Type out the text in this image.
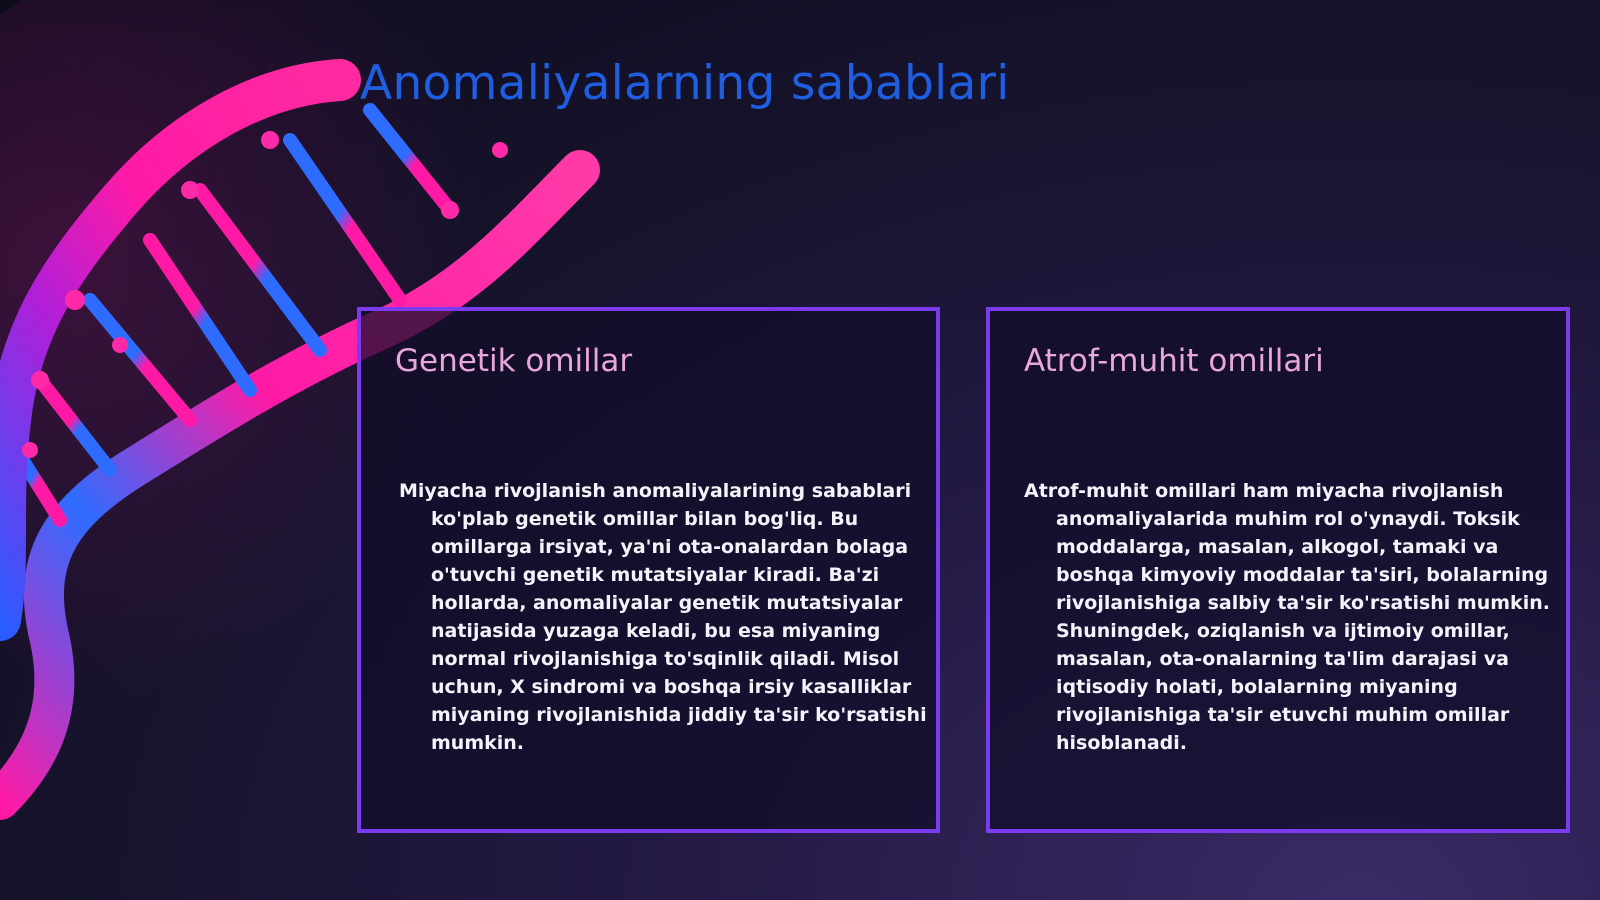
Anomaliyalarning sabablari
Genetik omillar

Miyacha rivojlanish anomaliyalarining sabablari ko'plab genetik omillar bilan bog'liq. Bu omillarga irsiyat, ya'ni ota-onalardan bolaga o'tuvchi genetik mutatsiyalar kiradi. Ba'zi hollarda, anomaliyalar genetik mutatsiyalar natijasida yuzaga keladi, bu esa miyaning normal rivojlanishiga to'sqinlik qiladi. Misol uchun, X sindromi va boshqa irsiy kasalliklar miyaning rivojlanishida jiddiy ta'sir ko'rsatishi mumkin.

Atrof-muhit omillari

Atrof-muhit omillari ham miyacha rivojlanish anomaliyalarida muhim rol o'ynaydi. Toksik moddalarga, masalan, alkogol, tamaki va boshqa kimyoviy moddalar ta'siri, bolalarning rivojlanishiga salbiy ta'sir ko'rsatishi mumkin. Shuningdek, oziqlanish va ijtimoiy omillar, masalan, ota-onalarning ta'lim darajasi va iqtisodiy holati, bolalarning miyaning rivojlanishiga ta'sir etuvchi muhim omillar hisoblanadi.
